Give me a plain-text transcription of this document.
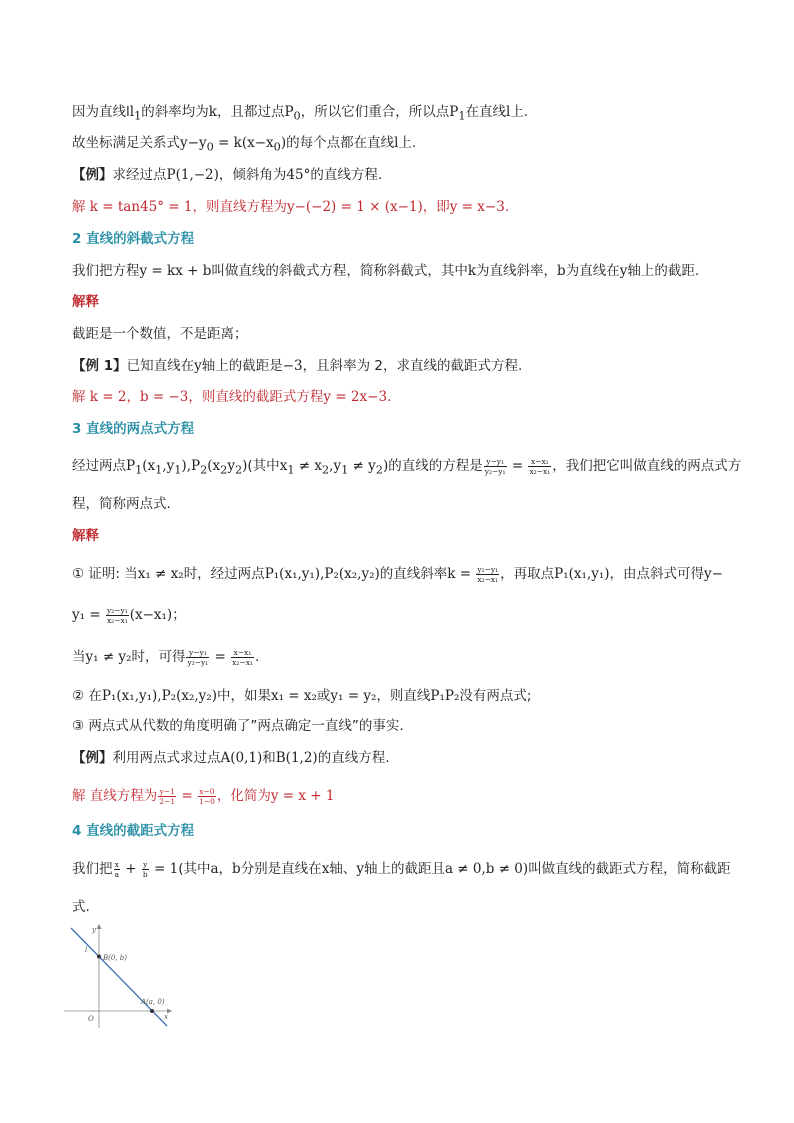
因为直线$ll_1$的斜率均为k，且都过点$P_0$，所以它们重合，所以点$P_1$在直线l上.
故坐标满足关系式$y-y_0 = k(x-x_0)$的每个点都在直线l上.
【例】求经过点P(1,−2)，倾斜角为45°的直线方程.
解 k = tan45° = 1，则直线方程为y−(−2) = 1 × (x−1)，即y = x−3.
2 直线的斜截式方程
我们把方程y = kx + b叫做直线的斜截式方程，简称斜截式，其中k为直线斜率，b为直线在y轴上的截距.
解释
截距是一个数值，不是距离；
【例 1】已知直线在y轴上的截距是−3，且斜率为 2，求直线的截距式方程.
解 k = 2，b = −3，则直线的截距式方程y = 2x−3.
3 直线的两点式方程
经过两点$P_1(x_1,y_1),P_2(x_2y_2)$(其中$x_1 \ne x_2,y_1 \ne y_2$)的直线的方程是 $\frac{\text{y−y₁}}{\text{y₂−y₁}} = \frac{\text{x−x₁}}{\text{x₂−x₁}}$ ，我们把它叫做直线的两点式方
程，简称两点式.
解释
① 证明: 当x₁ ≠ x₂时，经过两点P₁(x₁,y₁),P₂(x₂,y₂)的直线斜率$k = \frac{\text{y₂−y₁}}{\text{x₂−x₁}}$ ，再取点P₁(x₁,y₁)，由点斜式可得y−
$y_1 = \frac{\text{y₂−y₁}}{\text{x₂−x₁}} (x-x_1)$；
当y₁ ≠ y₂时，可得 $\frac{\text{y−y₁}}{\text{y₂−y₁}} = \frac{\text{x−x₁}}{\text{x₂−x₁}}$ .
② 在P₁(x₁,y₁),P₂(x₂,y₂)中，如果x₁ = x₂或y₁ = y₂，则直线P₁P₂没有两点式;
③ 两点式从代数的角度明确了”两点确定一直线”的事实.
【例】利用两点式求过点A(0,1)和B(1,2)的直线方程.
解 直线方程为 $\frac{y-1}{2-1} = \frac{x-0}{1-0}$ ，化简为y = x + 1
4 直线的截距式方程
我们把 $\frac{x}{a} + \frac{y}{b} = 1$(其中a，b分别是直线在x轴、y轴上的截距且a ≠ 0,b ≠ 0)叫做直线的截距式方程，简称截距
式.
y
x
O
l
B(0, b)
A(a, 0)
